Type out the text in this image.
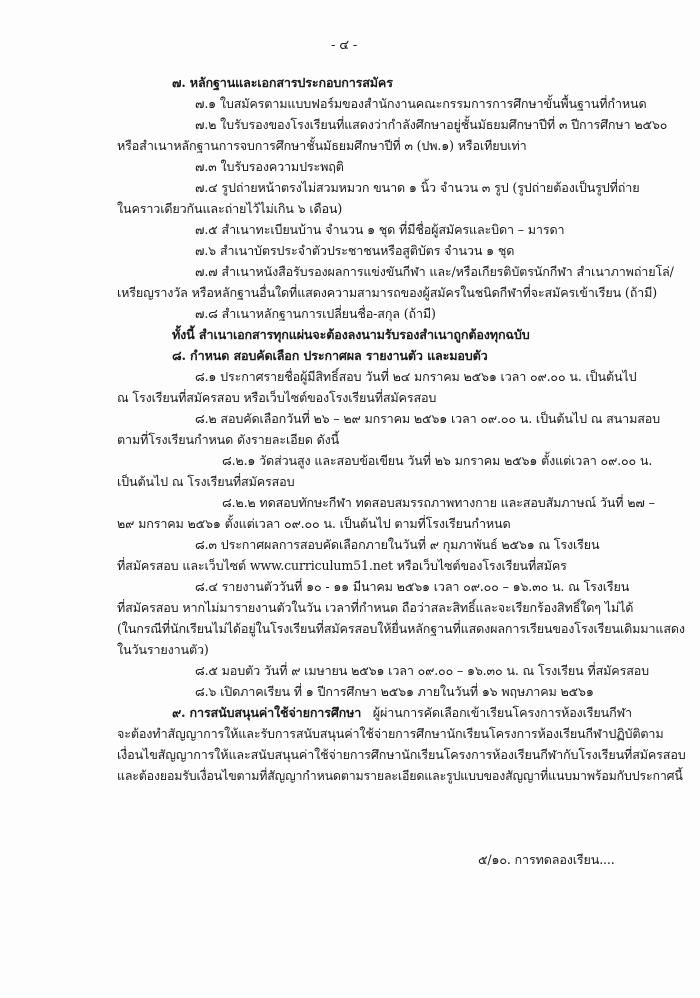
- ๔ -

๗. หลักฐานและเอกสารประกอบการสมัคร

๗.๑ ใบสมัครตามแบบฟอร์มของสำนักงานคณะกรรมการการศึกษาขั้นพื้นฐานที่กำหนด

๗.๒ ใบรับรองของโรงเรียนที่แสดงว่ากำลังศึกษาอยู่ชั้นมัธยมศึกษาปีที่ ๓ ปีการศึกษา ๒๕๖๐

หรือสำเนาหลักฐานการจบการศึกษาชั้นมัธยมศึกษาปีที่ ๓ (ปพ.๑) หรือเทียบเท่า

๗.๓ ใบรับรองความประพฤติ

๗.๔ รูปถ่ายหน้าตรงไม่สวมหมวก ขนาด ๑ นิ้ว จำนวน ๓ รูป (รูปถ่ายต้องเป็นรูปที่ถ่าย

ในคราวเดียวกันและถ่ายไว้ไม่เกิน ๖ เดือน)

๗.๕ สำเนาทะเบียนบ้าน จำนวน ๑ ชุด ที่มีชื่อผู้สมัครและบิดา – มารดา

๗.๖ สำเนาบัตรประจำตัวประชาชนหรือสูติบัตร จำนวน ๑ ชุด

๗.๗ สำเนาหนังสือรับรองผลการแข่งขันกีฬา และ/หรือเกียรติบัตรนักกีฬา สำเนาภาพถ่ายโล่/

เหรียญรางวัล หรือหลักฐานอื่นใดที่แสดงความสามารถของผู้สมัครในชนิดกีฬาที่จะสมัครเข้าเรียน (ถ้ามี)

๗.๘ สำเนาหลักฐานการเปลี่ยนชื่อ-สกุล (ถ้ามี)

ทั้งนี้ สำเนาเอกสารทุกแผ่นจะต้องลงนามรับรองสำเนาถูกต้องทุกฉบับ

๘. กำหนด สอบคัดเลือก ประกาศผล รายงานตัว และมอบตัว

๘.๑ ประกาศรายชื่อผู้มีสิทธิ์สอบ วันที่ ๒๔ มกราคม ๒๕๖๑ เวลา ๐๙.๐๐ น. เป็นต้นไป

ณ โรงเรียนที่สมัครสอบ หรือเว็บไซต์ของโรงเรียนที่สมัครสอบ

๘.๒ สอบคัดเลือกวันที่ ๒๖ – ๒๙ มกราคม ๒๕๖๑ เวลา ๐๙.๐๐ น. เป็นต้นไป ณ สนามสอบ

ตามที่โรงเรียนกำหนด ดังรายละเอียด ดังนี้

๘.๒.๑ วัดส่วนสูง และสอบข้อเขียน วันที่ ๒๖ มกราคม ๒๕๖๑ ตั้งแต่เวลา ๐๙.๐๐ น.

เป็นต้นไป ณ โรงเรียนที่สมัครสอบ

๘.๒.๒ ทดสอบทักษะกีฬา ทดสอบสมรรถภาพทางกาย และสอบสัมภาษณ์ วันที่ ๒๗ –

๒๙ มกราคม ๒๕๖๑ ตั้งแต่เวลา ๐๙.๐๐ น. เป็นต้นไป ตามที่โรงเรียนกำหนด

๘.๓ ประกาศผลการสอบคัดเลือกภายในวันที่ ๙ กุมภาพันธ์ ๒๕๖๑ ณ โรงเรียน

ที่สมัครสอบ และเว็บไซต์ www.curriculum51.net หรือเว็บไซต์ของโรงเรียนที่สมัคร

๘.๔ รายงานตัววันที่ ๑๐ - ๑๑ มีนาคม ๒๕๖๑ เวลา ๐๙.๐๐ – ๑๖.๓๐ น. ณ โรงเรียน

ที่สมัครสอบ หากไม่มารายงานตัวในวัน เวลาที่กำหนด ถือว่าสละสิทธิ์และจะเรียกร้องสิทธิ์ใดๆ ไม่ได้

(ในกรณีที่นักเรียนไม่ได้อยู่ในโรงเรียนที่สมัครสอบให้ยื่นหลักฐานที่แสดงผลการเรียนของโรงเรียนเดิมมาแสดง

ในวันรายงานตัว)

๘.๕ มอบตัว วันที่ ๙ เมษายน ๒๕๖๑ เวลา ๐๙.๐๐ – ๑๖.๓๐ น. ณ โรงเรียน ที่สมัครสอบ

๘.๖ เปิดภาคเรียน ที่ ๑ ปีการศึกษา ๒๕๖๑ ภายในวันที่ ๑๖ พฤษภาคม ๒๕๖๑

๙. การสนับสนุนค่าใช้จ่ายการศึกษา ผู้ผ่านการคัดเลือกเข้าเรียนโครงการห้องเรียนกีฬา

จะต้องทำสัญญาการให้และรับการสนับสนุนค่าใช้จ่ายการศึกษานักเรียนโครงการห้องเรียนกีฬาปฏิบัติตาม

เงื่อนไขสัญญาการให้และสนับสนุนค่าใช้จ่ายการศึกษานักเรียนโครงการห้องเรียนกีฬากับโรงเรียนที่สมัครสอบ

และต้องยอมรับเงื่อนไขตามที่สัญญากำหนดตามรายละเอียดและรูปแบบของสัญญาที่แนบมาพร้อมกับประกาศนี้

๕/๑๐. การทดลองเรียน....
